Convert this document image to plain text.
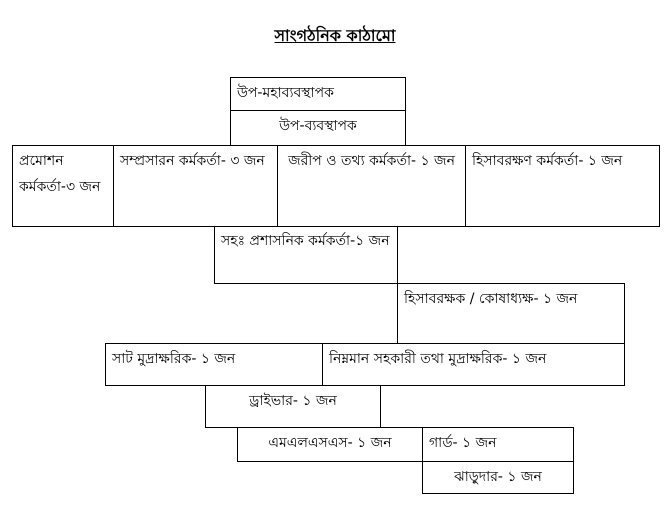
সাংগঠনিক কাঠামো
উপ-মহাব্যবস্থাপক
উপ-ব্যবস্থাপক
প্রমোশন কর্মকর্তা-৩ জন
সম্প্রসারন কর্মকর্তা- ৩ জন	জরীপ ও তথ্য কর্মকর্তা- ১ জন হিসাবরক্ষণ কর্মকর্তা- ১ জন
সহঃ প্রশাসনিক কর্মকর্তা-১ জন
হিসাবরক্ষক / কোষাধ্যক্ষ- ১ জন
সাট মুদ্রাক্ষরিক- ১ জন	নিম্নমান সহকারী তথা মুদ্রাক্ষরিক- ১ জন
ড্রাইভার- ১ জন
এমএলএসএস- ১ জন	গার্ড- ১ জন
ঝাড়ুদার- ১ জন
